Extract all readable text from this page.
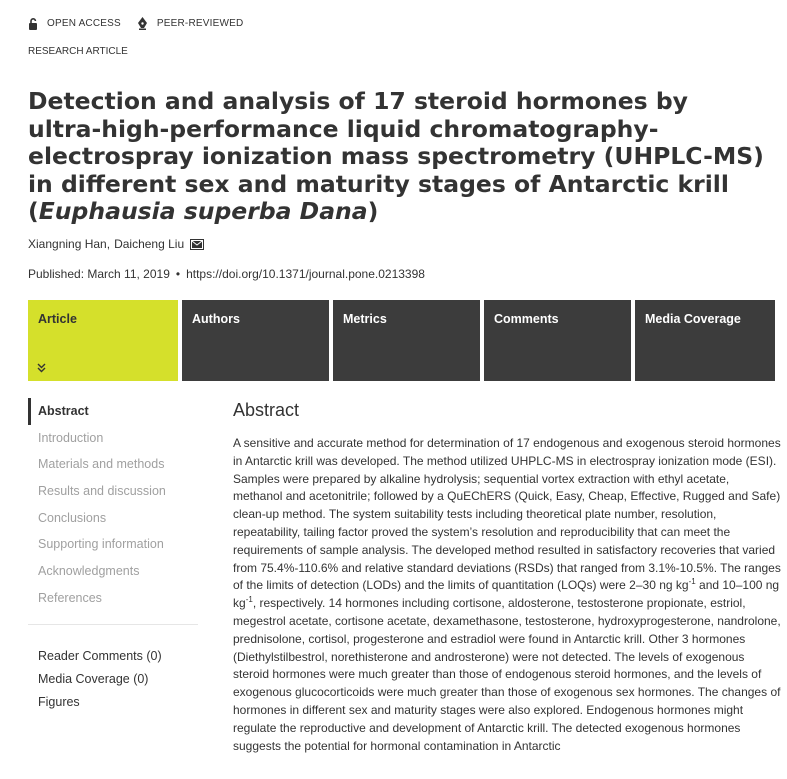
OPEN ACCESS	PEER-REVIEWED
RESEARCH ARTICLE
Detection and analysis of 17 steroid hormones by ultra-high-performance liquid chromatography-electrospray ionization mass spectrometry (UHPLC-MS) in different sex and maturity stages of Antarctic krill (Euphausia superba Dana)
Xiangning Han, Daicheng Liu
Published: March 11, 2019 • https://doi.org/10.1371/journal.pone.0213398
Article	Authors	Metrics	Comments	Media Coverage
Abstract
Introduction
Materials and methods
Results and discussion
Conclusions
Supporting information
Acknowledgments
References
Reader Comments (0)
Media Coverage (0)
Figures
Abstract

A sensitive and accurate method for determination of 17 endogenous and exogenous steroid hormones in Antarctic krill was developed. The method utilized UHPLC-MS in electrospray ionization mode (ESI). Samples were prepared by alkaline hydrolysis; sequential vortex extraction with ethyl acetate, methanol and acetonitrile; followed by a QuEChERS (Quick, Easy, Cheap, Effective, Rugged and Safe) clean-up method. The system suitability tests including theoretical plate number, resolution, repeatability, tailing factor proved the system’s resolution and reproducibility that can meet the requirements of sample analysis. The developed method resulted in satisfactory recoveries that varied from 75.4%-110.6% and relative standard deviations (RSDs) that ranged from 3.1%-10.5%. The ranges of the limits of detection (LODs) and the limits of quantitation (LOQs) were 2–30 ng $kg^{-1}$ and 10–100 ng $kg^{-1}$, respectively. 14 hormones including cortisone, aldosterone, testosterone propionate, estriol, megestrol acetate, cortisone acetate, dexamethasone, testosterone, hydroxyprogesterone, nandrolone, prednisolone, cortisol, progesterone and estradiol were found in Antarctic krill. Other 3 hormones (Diethylstilbestrol, norethisterone and androsterone) were not detected. The levels of exogenous steroid hormones were much greater than those of endogenous steroid hormones, and the levels of exogenous glucocorticoids were much greater than those of exogenous sex hormones. The changes of hormones in different sex and maturity stages were also explored. Endogenous hormones might regulate the reproductive and development of Antarctic krill. The detected exogenous hormones suggests the potential for hormonal contamination in Antarctic
